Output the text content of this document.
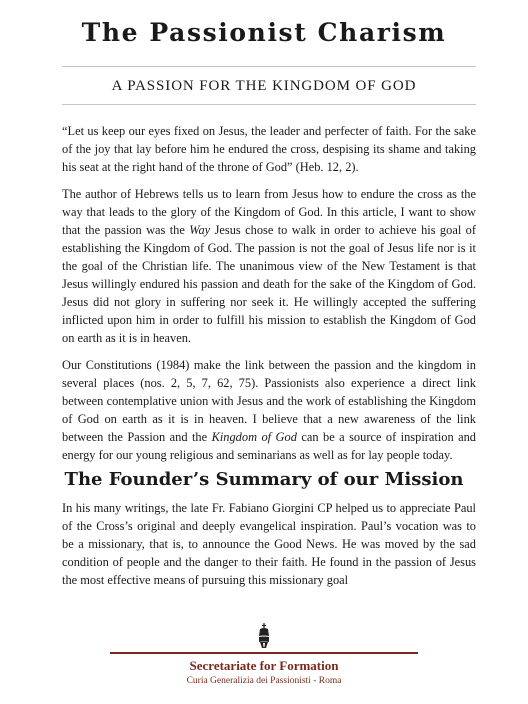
The Passionist Charism
A PASSION FOR THE KINGDOM OF GOD

“Let us keep our eyes fixed on Jesus, the leader and perfecter of faith. For the sake of the joy that lay before him he endured the cross, despising its shame and taking his seat at the right hand of the throne of God” (Heb. 12, 2).

The author of Hebrews tells us to learn from Jesus how to endure the cross as the way that leads to the glory of the Kingdom of God. In this article, I want to show that the passion was the Way Jesus chose to walk in order to achieve his goal of establishing the Kingdom of God. The passion is not the goal of Jesus life nor is it the goal of the Christian life. The unanimous view of the New Testament is that Jesus willingly endured his passion and death for the sake of the Kingdom of God. Jesus did not glory in suffering nor seek it. He willingly accepted the suffering inflicted upon him in order to fulfill his mission to establish the Kingdom of God on earth as it is in heaven.

Our Constitutions (1984) make the link between the passion and the kingdom in several places (nos. 2, 5, 7, 62, 75). Passionists also experience a direct link between contemplative union with Jesus and the work of establishing the Kingdom of God on earth as it is in heaven. I believe that a new awareness of the link between the Passion and the Kingdom of God can be a source of inspiration and energy for our young religious and seminarians as well as for lay people today.

The Founder’s Summary of our Mission

In his many writings, the late Fr. Fabiano Giorgini CP helped us to appreciate Paul of the Cross’s original and deeply evangelical inspiration. Paul’s vocation was to be a missionary, that is, to announce the Good News. He was moved by the sad condition of people and the danger to their faith. He found in the passion of Jesus the most effective means of pursuing this missionary goal

Secretariate for Formation
Curia Generalizia dei Passionisti - Roma
